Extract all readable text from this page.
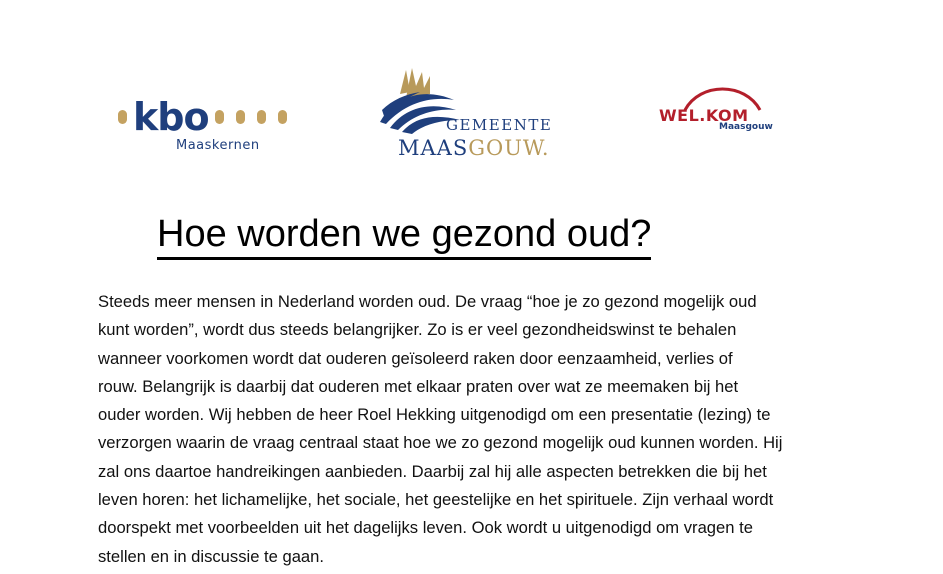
kbo
Maaskernen
GEMEENTE
MAASGOUW.
WEL.KOM
Maasgouw
Hoe worden we gezond oud?
Steeds meer mensen in Nederland worden oud. De vraag “hoe je zo gezond mogelijk oud
kunt worden”, wordt dus steeds belangrijker. Zo is er veel gezondheidswinst te behalen
wanneer voorkomen wordt dat ouderen geïsoleerd raken door eenzaamheid, verlies of
rouw. Belangrijk is daarbij dat ouderen met elkaar praten over wat ze meemaken bij het
ouder worden. Wij hebben de heer Roel Hekking uitgenodigd om een presentatie (lezing) te
verzorgen waarin de vraag centraal staat hoe we zo gezond mogelijk oud kunnen worden. Hij
zal ons daartoe handreikingen aanbieden. Daarbij zal hij alle aspecten betrekken die bij het
leven horen: het lichamelijke, het sociale, het geestelijke en het spirituele. Zijn verhaal wordt
doorspekt met voorbeelden uit het dagelijks leven. Ook wordt u uitgenodigd om vragen te
stellen en in discussie te gaan.
